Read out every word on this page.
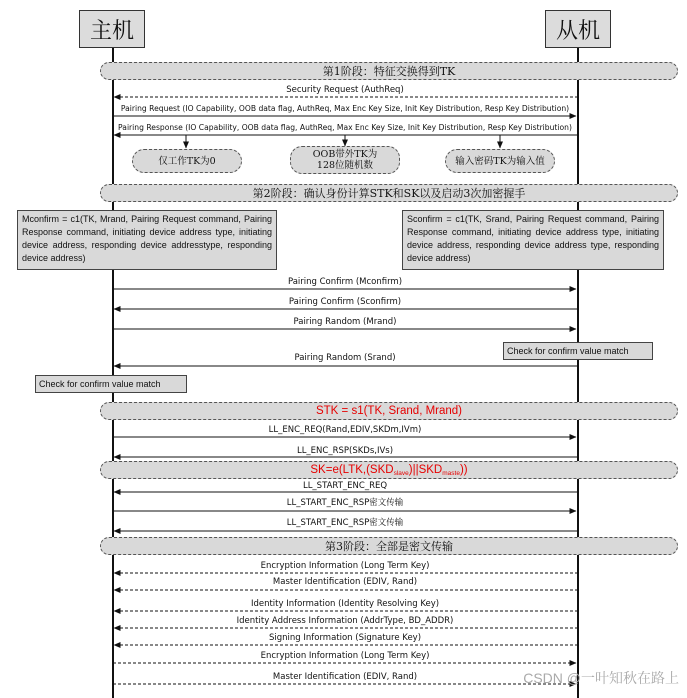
主机	从机
第1阶段：特征交换得到TK
Security Request (AuthReq)
Pairing Request (IO Capability, OOB data flag, AuthReq, Max Enc Key Size, Init Key Distribution, Resp Key Distribution)
Pairing Response (IO Capability, OOB data flag, AuthReq, Max Enc Key Size, Init Key Distribution, Resp Key Distribution)
仅工作TK为0
OOB带外TK为
128位随机数	输入密码TK为输入值
第2阶段：确认身份计算STK和SK以及启动3次加密握手
Mconfirm = c1(TK, Mrand, Pairing Request command, Pairing Response command, initiating device address type, initiating device address, responding device addresstype, responding device address)
Sconfirm = c1(TK, Srand, Pairing Request command, Pairing Response command, initiating device address type, initiating device address, responding device address type, responding device address)
Pairing Confirm (Mconfirm)
Pairing Confirm (Sconfirm)
Pairing Random (Mrand)
Check for confirm value match
Pairing Random (Srand)
Check for confirm value match
STK = s1(TK, Srand, Mrand)
LL_ENC_REQ(Rand,EDIV,SKDm,IVm)
LL_ENC_RSP(SKDs,IVs)
$SK=e(LTK,(SKD_{slave})||SKD_{maste})$)
LL_START_ENC_REQ
LL_START_ENC_RSP密文传输
LL_START_ENC_RSP密文传输
第3阶段：全部是密文传输
Encryption Information (Long Term Key)
Master Identification (EDIV, Rand)
Identity Information (Identity Resolving Key)
Identity Address Information (AddrType, BD_ADDR)
Signing Information (Signature Key)
Encryption Information (Long Term Key)
Master Identification (EDIV, Rand)	CSDN @一叶知秋在路上
